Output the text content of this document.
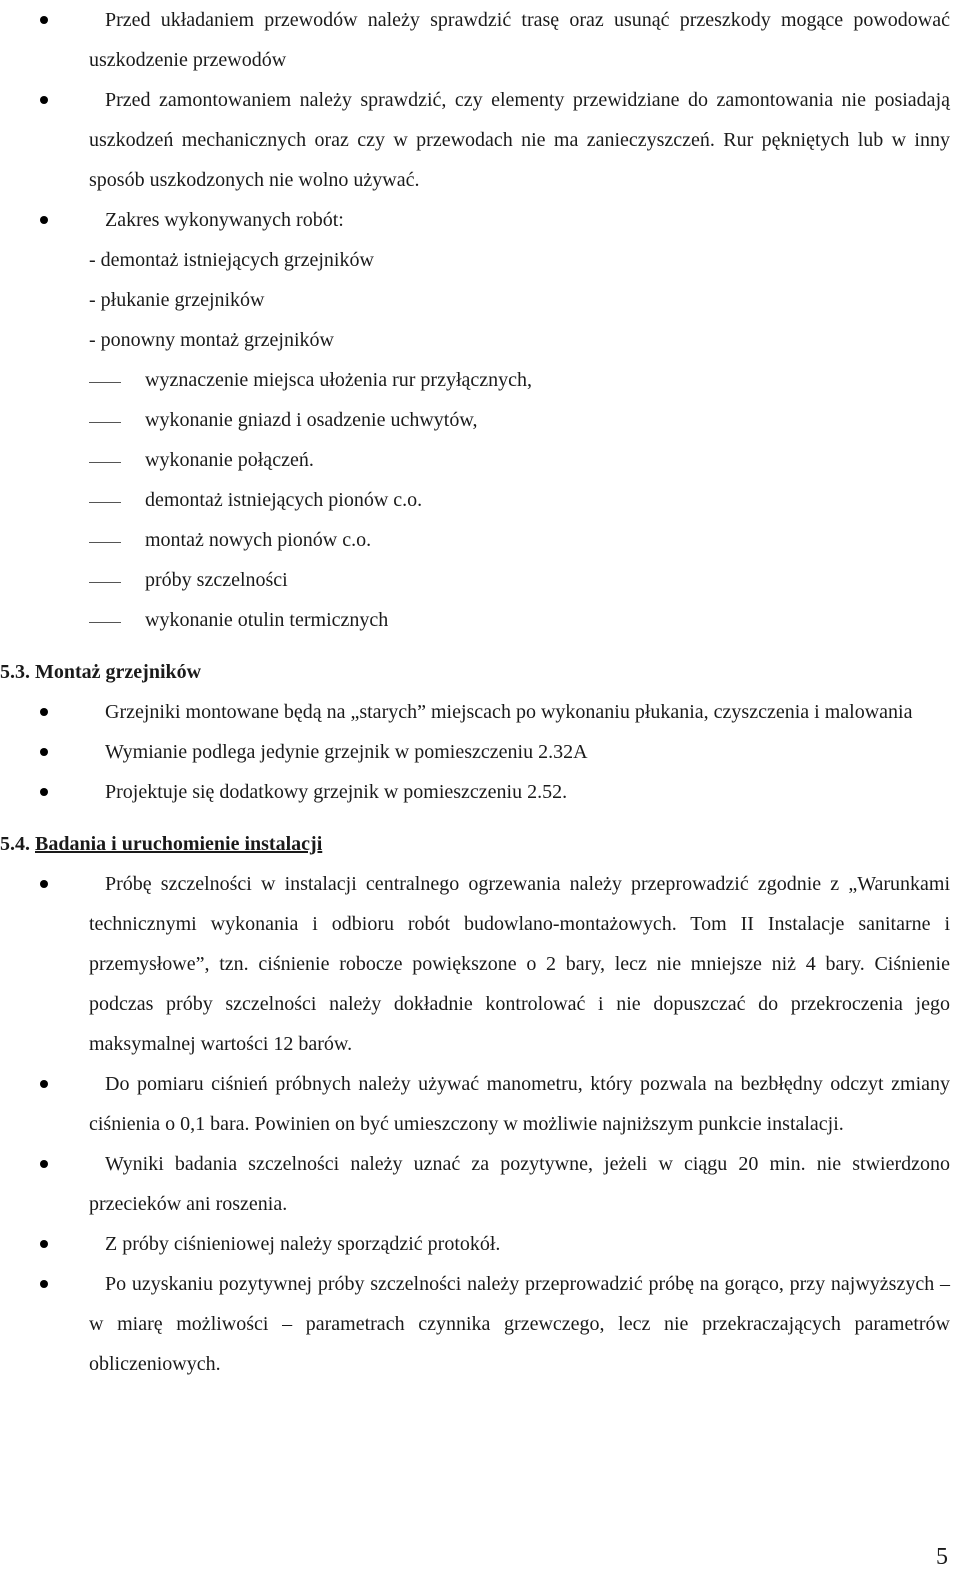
Przed układaniem przewodów należy sprawdzić trasę oraz usunąć przeszkody mogące powodować uszkodzenie przewodów
Przed zamontowaniem należy sprawdzić, czy elementy przewidziane do zamontowania nie posiadają uszkodzeń mechanicznych oraz czy w przewodach nie ma zanieczyszczeń. Rur pękniętych lub w inny sposób uszkodzonych nie wolno używać.
Zakres wykonywanych robót:
- demontaż istniejących grzejników
- płukanie grzejników
- ponowny montaż grzejników
wyznaczenie miejsca ułożenia rur przyłącznych,
wykonanie gniazd i osadzenie uchwytów,
wykonanie połączeń.
demontaż istniejących pionów c.o.
montaż nowych pionów c.o.
próby szczelności
wykonanie otulin termicznych
5.3. Montaż grzejników
Grzejniki montowane będą na „starych” miejscach po wykonaniu płukania, czyszczenia i malowania
Wymianie podlega jedynie grzejnik w pomieszczeniu 2.32A
Projektuje się dodatkowy grzejnik w pomieszczeniu 2.52.
5.4. Badania i uruchomienie instalacji
Próbę szczelności w instalacji centralnego ogrzewania należy przeprowadzić zgodnie z „Warunkami technicznymi wykonania i odbioru robót budowlano-montażowych. Tom II Instalacje sanitarne i przemysłowe”, tzn. ciśnienie robocze powiększone o 2 bary, lecz nie mniejsze niż 4 bary. Ciśnienie podczas próby szczelności należy dokładnie kontrolować i nie dopuszczać do przekroczenia jego maksymalnej wartości 12 barów.
Do pomiaru ciśnień próbnych należy używać manometru, który pozwala na bezbłędny odczyt zmiany ciśnienia o 0,1 bara. Powinien on być umieszczony w możliwie najniższym punkcie instalacji.
Wyniki badania szczelności należy uznać za pozytywne, jeżeli w ciągu 20 min. nie stwierdzono przecieków ani roszenia.
Z próby ciśnieniowej należy sporządzić protokół.
Po uzyskaniu pozytywnej próby szczelności należy przeprowadzić próbę na gorąco, przy najwyższych – w miarę możliwości – parametrach czynnika grzewczego, lecz nie przekraczających parametrów obliczeniowych.
5
